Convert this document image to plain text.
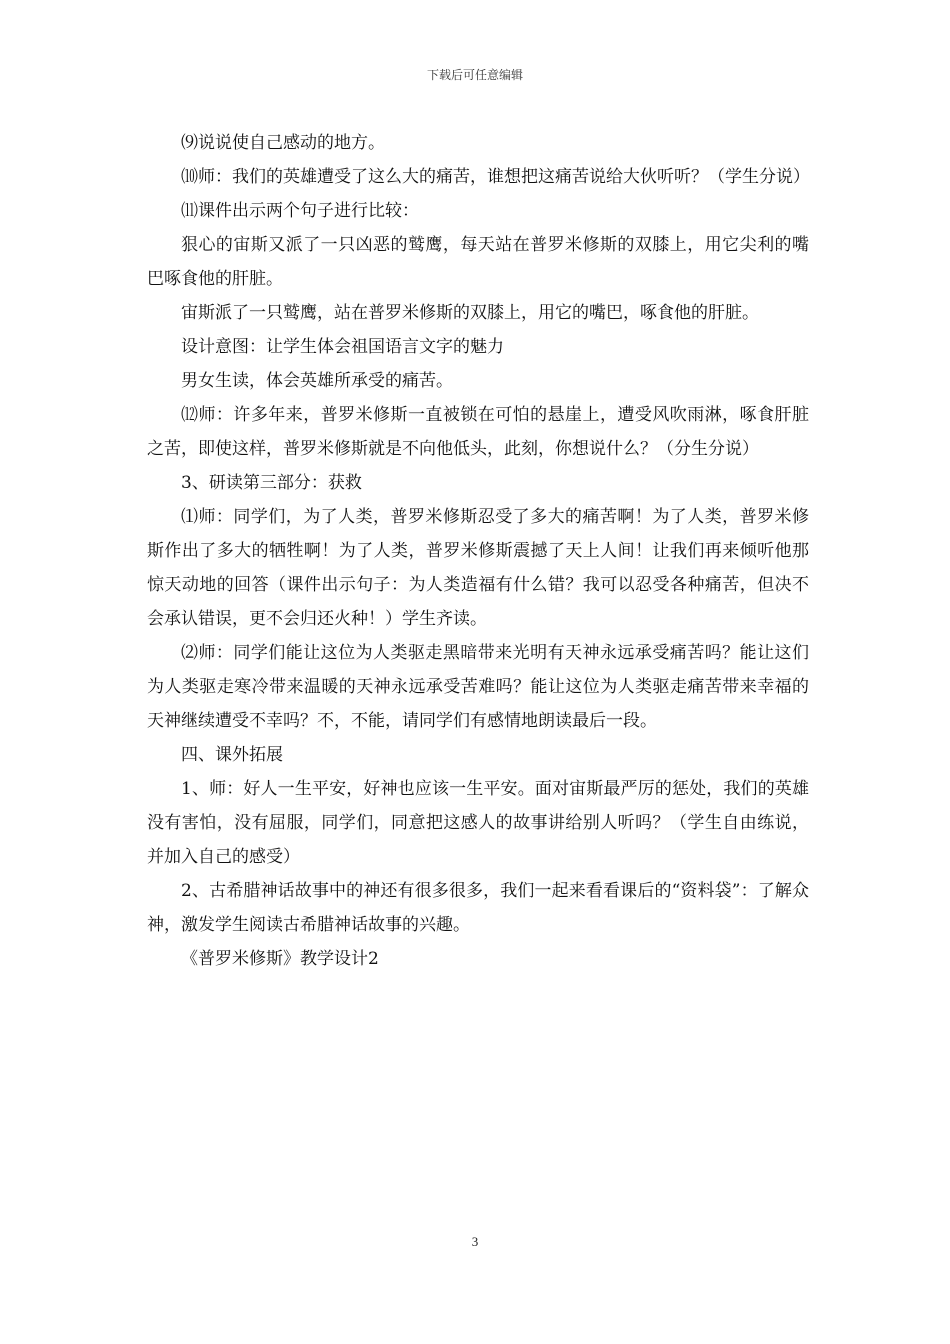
下载后可任意编辑

⑼说说使自己感动的地方。

⑽师：我们的英雄遭受了这么大的痛苦，谁想把这痛苦说给大伙听听？（学生分说）

⑾课件出示两个句子进行比较：

狠心的宙斯又派了一只凶恶的鹫鹰，每天站在普罗米修斯的双膝上，用它尖利的嘴巴啄食他的肝脏。

宙斯派了一只鹫鹰，站在普罗米修斯的双膝上，用它的嘴巴，啄食他的肝脏。

设计意图：让学生体会祖国语言文字的魅力

男女生读，体会英雄所承受的痛苦。

⑿师：许多年来，普罗米修斯一直被锁在可怕的悬崖上，遭受风吹雨淋，啄食肝脏之苦，即使这样，普罗米修斯就是不向他低头，此刻，你想说什么？（分生分说）

3、研读第三部分：获救

⑴师：同学们，为了人类，普罗米修斯忍受了多大的痛苦啊！为了人类，普罗米修斯作出了多大的牺牲啊！为了人类，普罗米修斯震撼了天上人间！让我们再来倾听他那惊天动地的回答（课件出示句子：为人类造福有什么错？我可以忍受各种痛苦，但决不会承认错误，更不会归还火种！）学生齐读。

⑵师：同学们能让这位为人类驱走黑暗带来光明有天神永远承受痛苦吗？能让这们为人类驱走寒冷带来温暖的天神永远承受苦难吗？能让这位为人类驱走痛苦带来幸福的天神继续遭受不幸吗？不，不能，请同学们有感情地朗读最后一段。

四、课外拓展

1、师：好人一生平安，好神也应该一生平安。面对宙斯最严厉的惩处，我们的英雄没有害怕，没有屈服，同学们，同意把这感人的故事讲给别人听吗？（学生自由练说，并加入自己的感受）

2、古希腊神话故事中的神还有很多很多，我们一起来看看课后的“资料袋”：了解众神，激发学生阅读古希腊神话故事的兴趣。

《普罗米修斯》教学设计2

3
